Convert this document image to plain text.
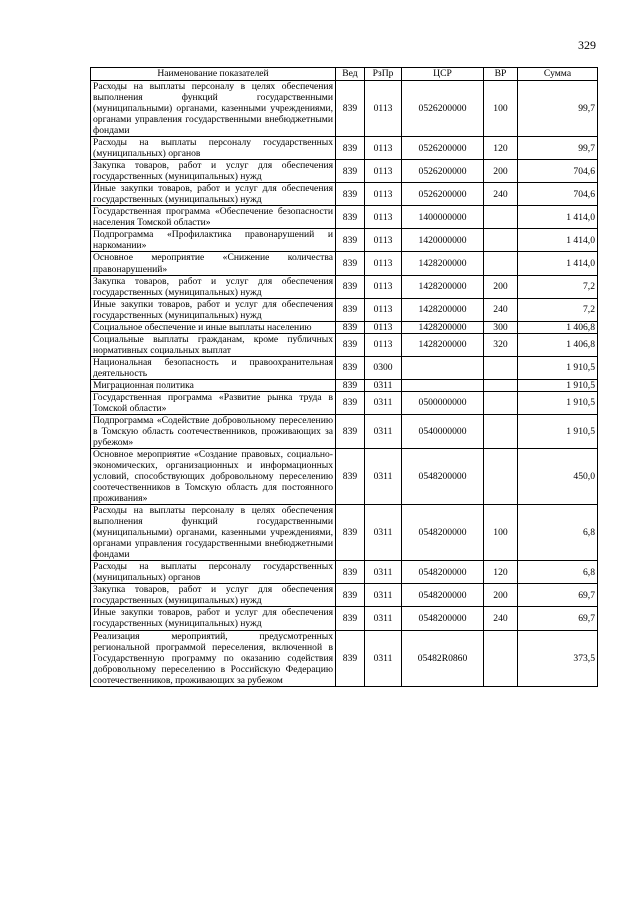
329
Наименование показателей	Вед	РзПр	ЦСР	ВР	Сумма
Расходы на выплаты персоналу в целях обеспечения выполнения функций государственными (муниципальными) органами, казенными учреждениями, органами управления государственными внебюджетными фондами	839	0113	0526200000	100	99,7
Расходы на выплаты персоналу государственных (муниципальных) органов	839	0113	0526200000	120	99,7
Закупка товаров, работ и услуг для обеспечения государственных (муниципальных) нужд	839	0113	0526200000	200	704,6
Иные закупки товаров, работ и услуг для обеспечения государственных (муниципальных) нужд	839	0113	0526200000	240	704,6
Государственная программа «Обеспечение безопасности населения Томской области»	839	0113	1400000000		1 414,0
Подпрограмма «Профилактика правонарушений и наркомании»	839	0113	1420000000		1 414,0
Основное мероприятие «Снижение количества правонарушений»	839	0113	1428200000		1 414,0
Закупка товаров, работ и услуг для обеспечения государственных (муниципальных) нужд	839	0113	1428200000	200	7,2
Иные закупки товаров, работ и услуг для обеспечения государственных (муниципальных) нужд	839	0113	1428200000	240	7,2
Социальное обеспечение и иные выплаты населению	839	0113	1428200000	300	1 406,8
Социальные выплаты гражданам, кроме публичных нормативных социальных выплат	839	0113	1428200000	320	1 406,8
Национальная безопасность и правоохранительная деятельность	839	0300			1 910,5
Миграционная политика	839	0311			1 910,5
Государственная программа «Развитие рынка труда в Томской области»	839	0311	0500000000		1 910,5
Подпрограмма «Содействие добровольному переселению в Томскую область соотечественников, проживающих за рубежом»	839	0311	0540000000		1 910,5
Основное мероприятие «Создание правовых, социально-экономических, организационных и информационных условий, способствующих добровольному переселению соотечественников в Томскую область для постоянного проживания»	839	0311	0548200000		450,0
Расходы на выплаты персоналу в целях обеспечения выполнения функций государственными (муниципальными) органами, казенными учреждениями, органами управления государственными внебюджетными фондами	839	0311	0548200000	100	6,8
Расходы на выплаты персоналу государственных (муниципальных) органов	839	0311	0548200000	120	6,8
Закупка товаров, работ и услуг для обеспечения государственных (муниципальных) нужд	839	0311	0548200000	200	69,7
Иные закупки товаров, работ и услуг для обеспечения государственных (муниципальных) нужд	839	0311	0548200000	240	69,7
Реализация мероприятий, предусмотренных региональной программой переселения, включенной в Государственную программу по оказанию содействия добровольному переселению в Российскую Федерацию соотечественников, проживающих за рубежом	839	0311	05482R0860		373,5
